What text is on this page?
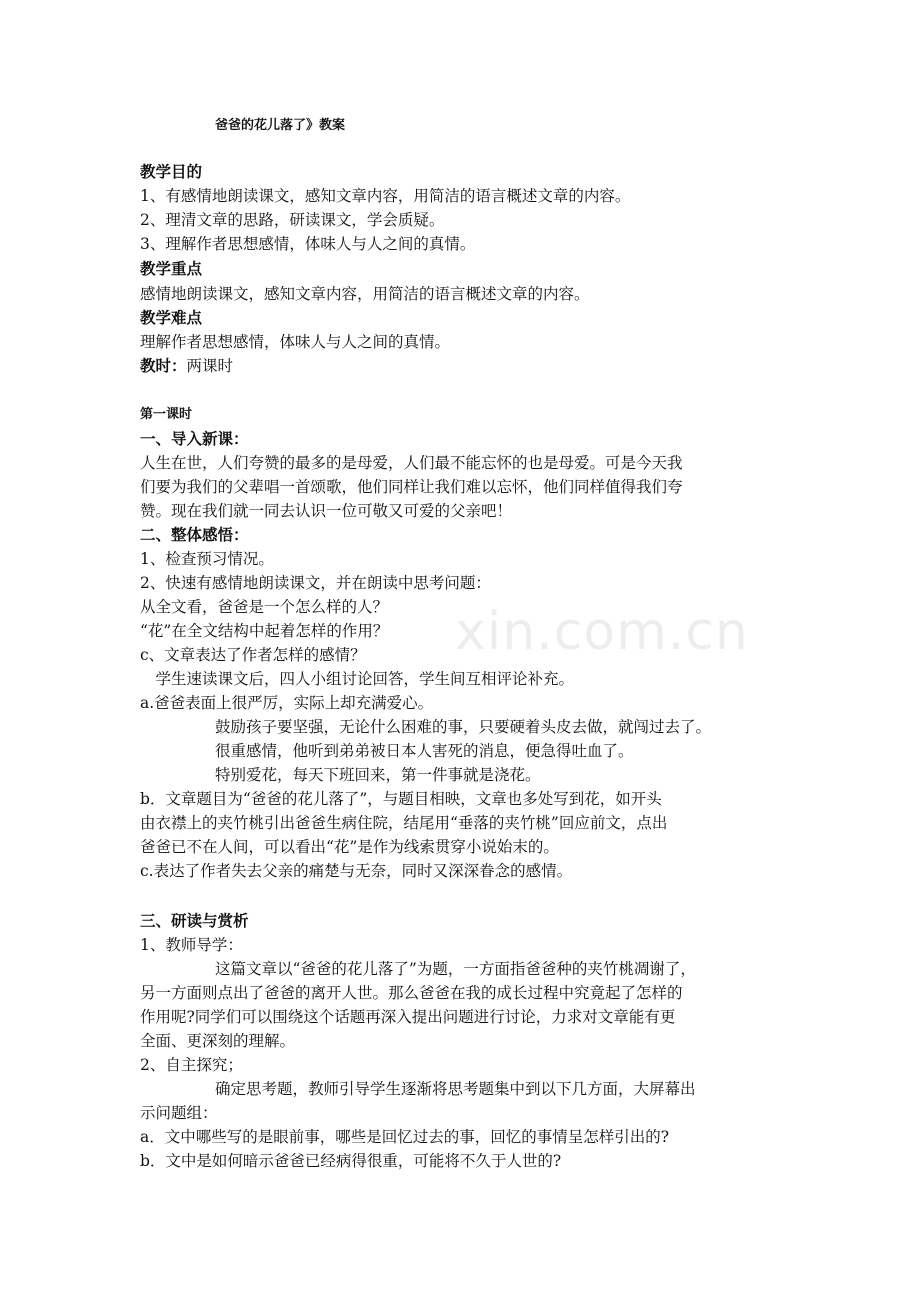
xin.com.cn
爸爸的花儿落了》教案
教学目的
1、有感情地朗读课文，感知文章内容，用简洁的语言概述文章的内容。
2、理清文章的思路，研读课文，学会质疑。
3、理解作者思想感情，体味人与人之间的真情。
教学重点
感情地朗读课文，感知文章内容，用简洁的语言概述文章的内容。
教学难点
理解作者思想感情，体味人与人之间的真情。
教时：两课时
第一课时
一、导入新课：
人生在世，人们夸赞的最多的是母爱，人们最不能忘怀的也是母爱。可是今天我
们要为我们的父辈唱一首颂歌，他们同样让我们难以忘怀，他们同样值得我们夸
赞。现在我们就一同去认识一位可敬又可爱的父亲吧！
二、整体感悟：
1、检查预习情况。
2、快速有感情地朗读课文，并在朗读中思考问题：
从全文看，爸爸是一个怎么样的人？
“花”在全文结构中起着怎样的作用？
c、文章表达了作者怎样的感情？
　学生速读课文后，四人小组讨论回答，学生间互相评论补充。
a.爸爸表面上很严厉，实际上却充满爱心。
鼓励孩子要坚强，无论什么困难的事，只要硬着头皮去做，就闯过去了。
很重感情，他听到弟弟被日本人害死的消息，便急得吐血了。
特别爱花，每天下班回来，第一件事就是浇花。
b．文章题目为“爸爸的花儿落了”，与题目相映，文章也多处写到花，如开头
由衣襟上的夹竹桃引出爸爸生病住院，结尾用“垂落的夹竹桃”回应前文，点出
爸爸已不在人间，可以看出“花”是作为线索贯穿小说始末的。
c.表达了作者失去父亲的痛楚与无奈，同时又深深眷念的感情。
三、研读与赏析
1、教师导学：
这篇文章以“爸爸的花儿落了”为题，一方面指爸爸种的夹竹桃凋谢了，
另一方面则点出了爸爸的离开人世。那么爸爸在我的成长过程中究竟起了怎样的
作用呢?同学们可以围绕这个话题再深入提出问题进行讨论，力求对文章能有更
全面、更深刻的理解。
2、自主探究；
确定思考题，教师引导学生逐渐将思考题集中到以下几方面，大屏幕出
示问题组：
a．文中哪些写的是眼前事，哪些是回忆过去的事，回忆的事情呈怎样引出的?
b．文中是如何暗示爸爸已经病得很重，可能将不久于人世的?
